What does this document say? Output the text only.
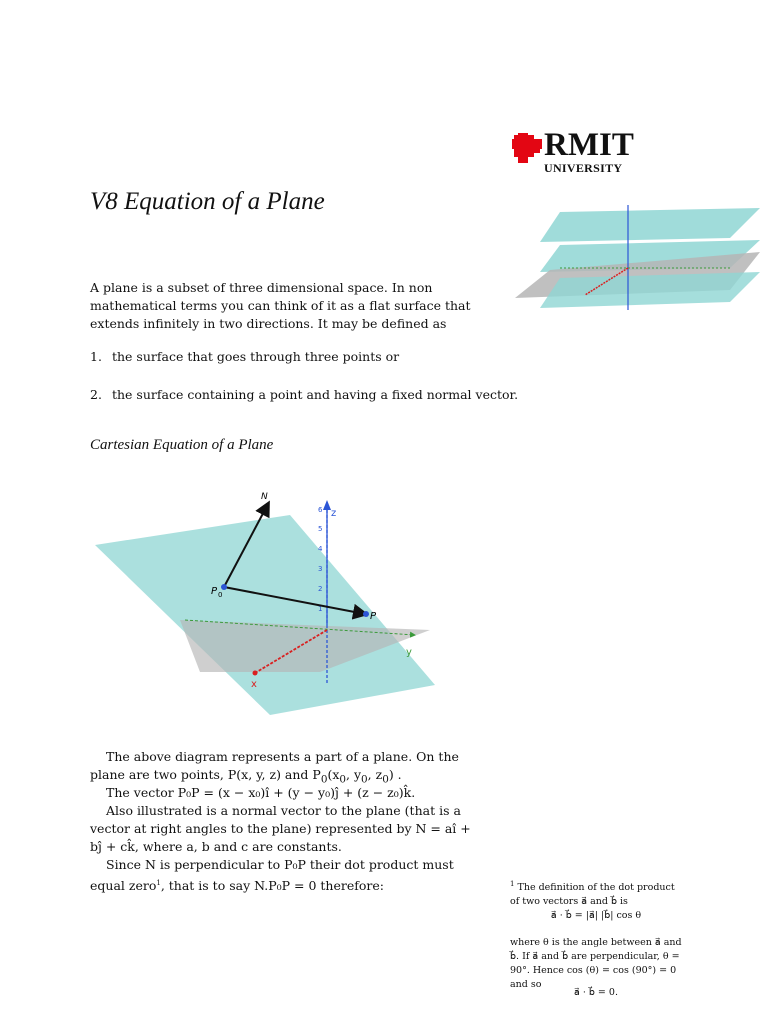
RMIT
UNIVERSITY
V8 Equation of a Plane
A plane is a subset of three dimensional space. In non mathematical terms you can think of it as a flat surface that extends infinitely in two directions. It may be defined as
1. the surface that goes through three points or
2. the surface containing a point and having a fixed normal vector.
Cartesian Equation of a Plane
z
6
5
4
3
2
1
y
x
N
P 0
P
The above diagram represents a part of a plane. On the plane are two points, P(x, y, z) and $P_0(x_0$, $y_0$, $z_0$) .
The vector P₀P = (x − x₀)î + (y − y₀)ĵ + (z − z₀)k̂.
Also illustrated is a normal vector to the plane (that is a vector at right angles to the plane) represented by N = aî + bĵ + ck̂, where a, b and c are constants.
Since N is perpendicular to P₀P their dot product must equal zero$^1$, that is to say N.P₀P = 0 therefore:	$^1$ The definition of the dot product of two vectors a⃗ and b⃗ is
a⃗ · b⃗ = |a⃗| |b⃗| cos θ
where θ is the angle between a⃗ and b⃗. If a⃗ and b⃗ are perpendicular, θ = 90°. Hence cos (θ) = cos (90°) = 0 and so
a⃗ · b⃗ = 0.
